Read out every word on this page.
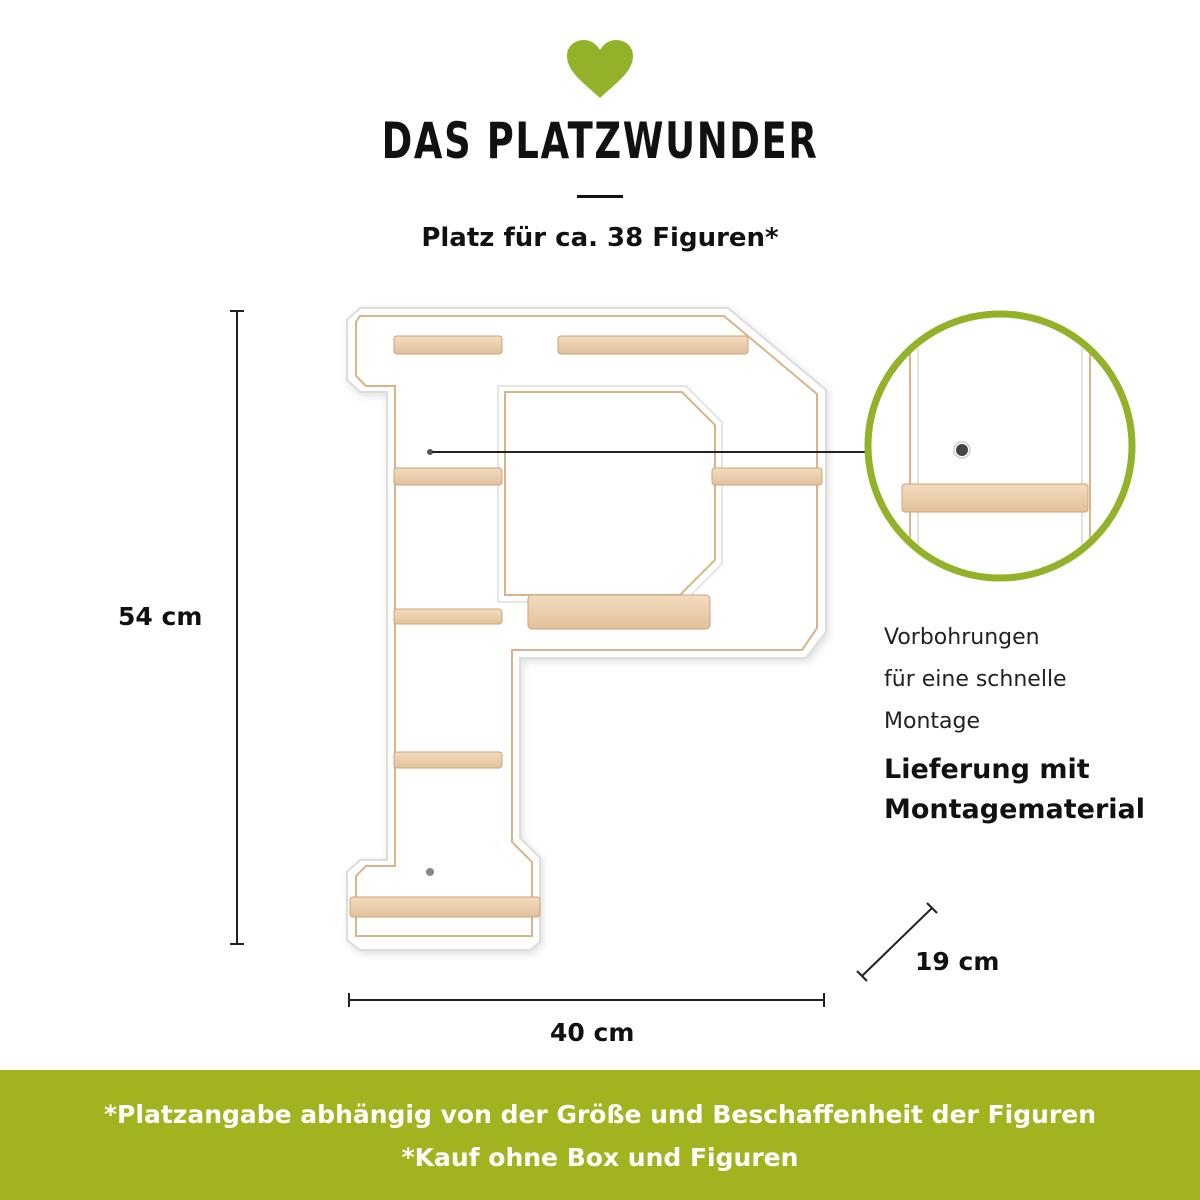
DAS PLATZWUNDER
Platz für ca. 38 Figuren*
54 cm
40 cm
19 cm
Vorbohrungen
für eine schnelle
Montage
Lieferung mit
Montagematerial
*Platzangabe abhängig von der Größe und Beschaffenheit der Figuren
*Kauf ohne Box und Figuren
